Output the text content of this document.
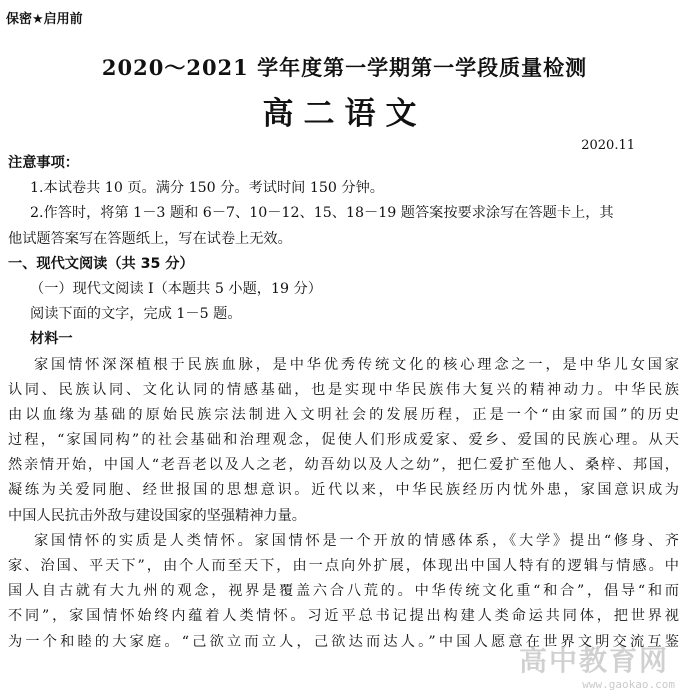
保密★启用前
2020～2021 学年度第一学期第一学段质量检测
高二语文
2020.11
注意事项：
1.本试卷共 10 页。满分 150 分。考试时间 150 分钟。
2.作答时，将第 1－3 题和 6－7、10－12、15、18－19 题答案按要求涂写在答题卡上，其
他试题答案写在答题纸上，写在试卷上无效。
一、现代文阅读（共 35 分）
（一）现代文阅读 I（本题共 5 小题，19 分）
阅读下面的文字，完成 1－5 题。
材料一
家国情怀深深植根于民族血脉，是中华优秀传统文化的核心理念之一，是中华儿女国家
认同、民族认同、文化认同的情感基础，也是实现中华民族伟大复兴的精神动力。中华民族
由以血缘为基础的原始民族宗法制进入文明社会的发展历程，正是一个“由家而国”的历史
过程，“家国同构”的社会基础和治理观念，促使人们形成爱家、爱乡、爱国的民族心理。从天
然亲情开始，中国人“老吾老以及人之老，幼吾幼以及人之幼”，把仁爱扩至他人、桑梓、邦国，
凝练为关爱同胞、经世报国的思想意识。近代以来，中华民族经历内忧外患，家国意识成为
中国人民抗击外敌与建设国家的坚强精神力量。
家国情怀的实质是人类情怀。家国情怀是一个开放的情感体系，《大学》提出“修身、齐
家、治国、平天下”，由个人而至天下，由一点向外扩展，体现出中国人特有的逻辑与情感。中
国人自古就有大九州的观念，视界是覆盖六合八荒的。中华传统文化重“和合”，倡导“和而
不同”，家国情怀始终内蕴着人类情怀。习近平总书记提出构建人类命运共同体，把世界视
为一个和睦的大家庭。“己欲立而立人，己欲达而达人。”中国人愿意在世界文明交流互鉴
高中教育网
www.gaokao.com
